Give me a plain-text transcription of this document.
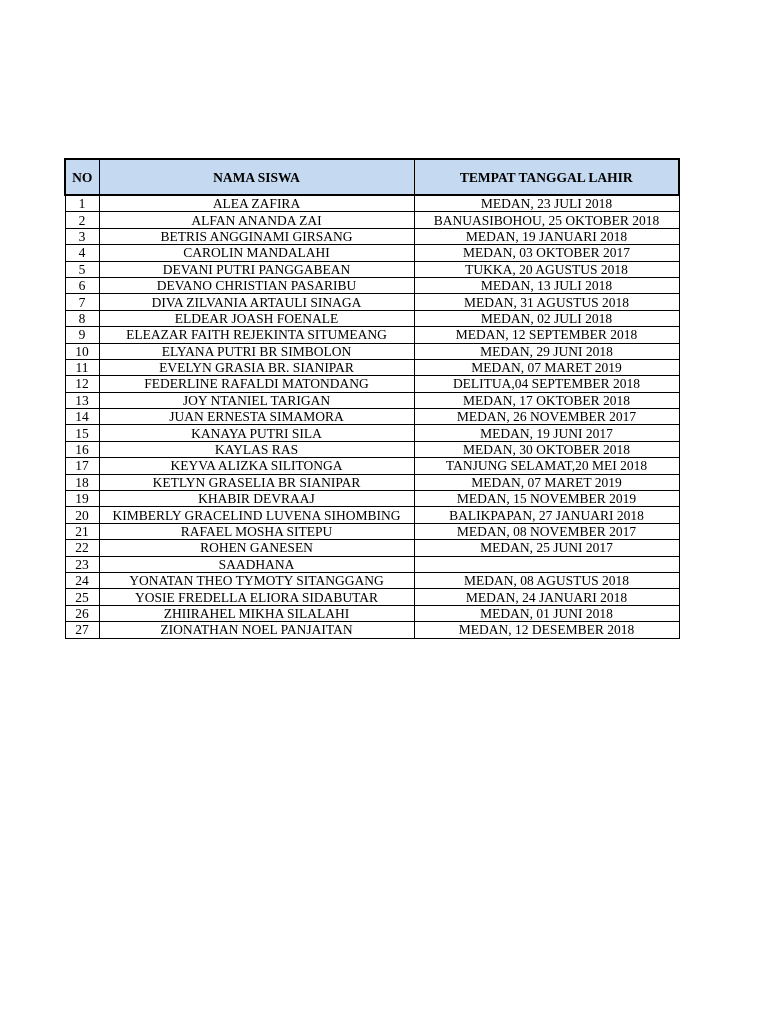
NO	NAMA SISWA	TEMPAT TANGGAL LAHIR
1	ALEA ZAFIRA	MEDAN, 23 JULI 2018
2	ALFAN ANANDA ZAI	BANUASIBOHOU, 25 OKTOBER 2018
3	BETRIS ANGGINAMI GIRSANG	MEDAN, 19 JANUARI 2018
4	CAROLIN MANDALAHI	MEDAN, 03 OKTOBER 2017
5	DEVANI PUTRI PANGGABEAN	TUKKA, 20 AGUSTUS 2018
6	DEVANO CHRISTIAN PASARIBU	MEDAN, 13 JULI 2018
7	DIVA ZILVANIA ARTAULI SINAGA	MEDAN, 31 AGUSTUS 2018
8	ELDEAR JOASH FOENALE	MEDAN, 02 JULI 2018
9	ELEAZAR FAITH REJEKINTA SITUMEANG	MEDAN, 12 SEPTEMBER 2018
10	ELYANA PUTRI BR SIMBOLON	MEDAN, 29 JUNI 2018
11	EVELYN GRASIA BR. SIANIPAR	MEDAN, 07 MARET 2019
12	FEDERLINE RAFALDI MATONDANG	DELITUA,04 SEPTEMBER 2018
13	JOY NTANIEL TARIGAN	MEDAN, 17 OKTOBER 2018
14	JUAN ERNESTA SIMAMORA	MEDAN, 26 NOVEMBER 2017
15	KANAYA PUTRI SILA	MEDAN, 19 JUNI 2017
16	KAYLAS RAS	MEDAN, 30 OKTOBER 2018
17	KEYVA ALIZKA SILITONGA	TANJUNG SELAMAT,20 MEI 2018
18	KETLYN GRASELIA BR SIANIPAR	MEDAN, 07 MARET 2019
19	KHABIR DEVRAAJ	MEDAN, 15 NOVEMBER 2019
20	KIMBERLY GRACELIND LUVENA SIHOMBING	BALIKPAPAN, 27 JANUARI 2018
21	RAFAEL MOSHA SITEPU	MEDAN, 08 NOVEMBER 2017
22	ROHEN GANESEN	MEDAN, 25 JUNI 2017
23	SAADHANA	
24	YONATAN THEO TYMOTY SITANGGANG	MEDAN, 08 AGUSTUS 2018
25	YOSIE FREDELLA ELIORA SIDABUTAR	MEDAN, 24 JANUARI 2018
26	ZHIIRAHEL MIKHA SILALAHI	MEDAN, 01 JUNI 2018
27	ZIONATHAN NOEL PANJAITAN	MEDAN, 12 DESEMBER 2018
